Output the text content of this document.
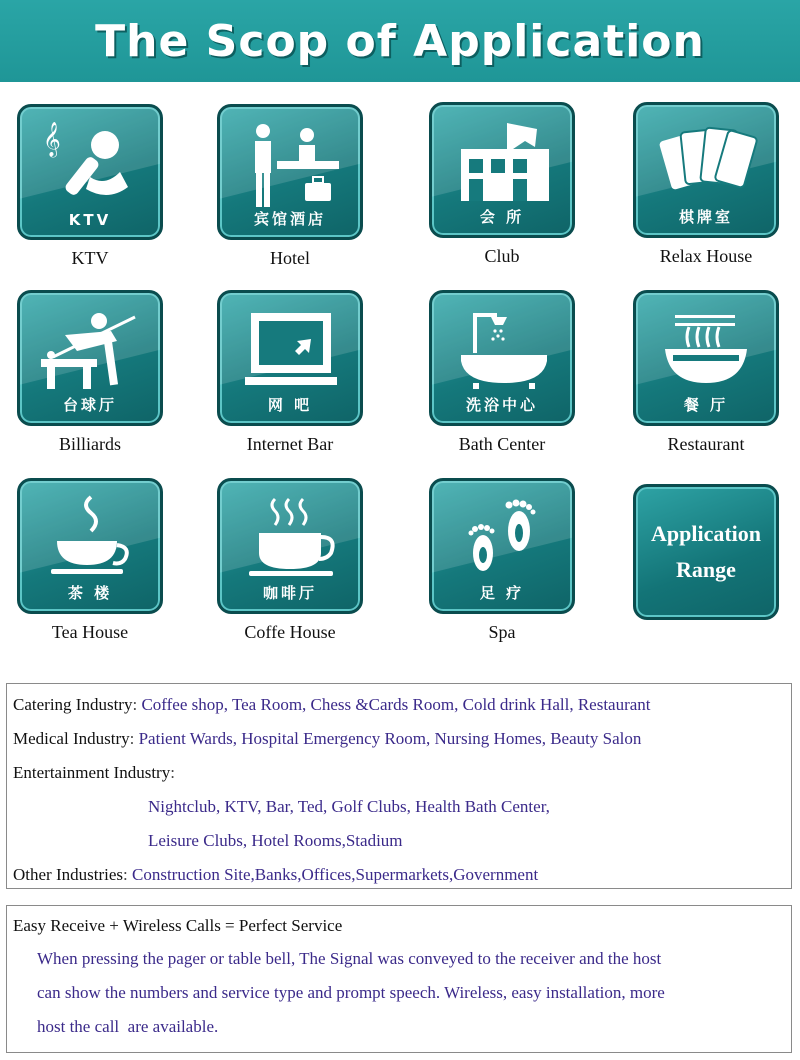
The Scop of Application
𝄞
KTV
KTV
宾馆酒店
Hotel
会 所
Club
棋牌室
Relax House
台球厅
Billiards
网 吧
Internet Bar
洗浴中心
Bath Center
餐 厅
Restaurant
茶 楼
Tea House
咖啡厅
Coffe House
足 疗
Spa
Application
Range
Catering Industry: Coffee shop, Tea Room, Chess &Cards Room, Cold drink Hall, Restaurant
Medical Industry: Patient Wards, Hospital Emergency Room, Nursing Homes, Beauty Salon
Entertainment Industry:
Nightclub, KTV, Bar, Ted, Golf Clubs, Health Bath Center,
Leisure Clubs, Hotel Rooms,Stadium
Other Industries: Construction Site,Banks,Offices,Supermarkets,Government
Easy Receive + Wireless Calls = Perfect Service
When pressing the pager or table bell, The Signal was conveyed to the receiver and the host
can show the numbers and service type and prompt speech. Wireless, easy installation, more
host the call  are available.
